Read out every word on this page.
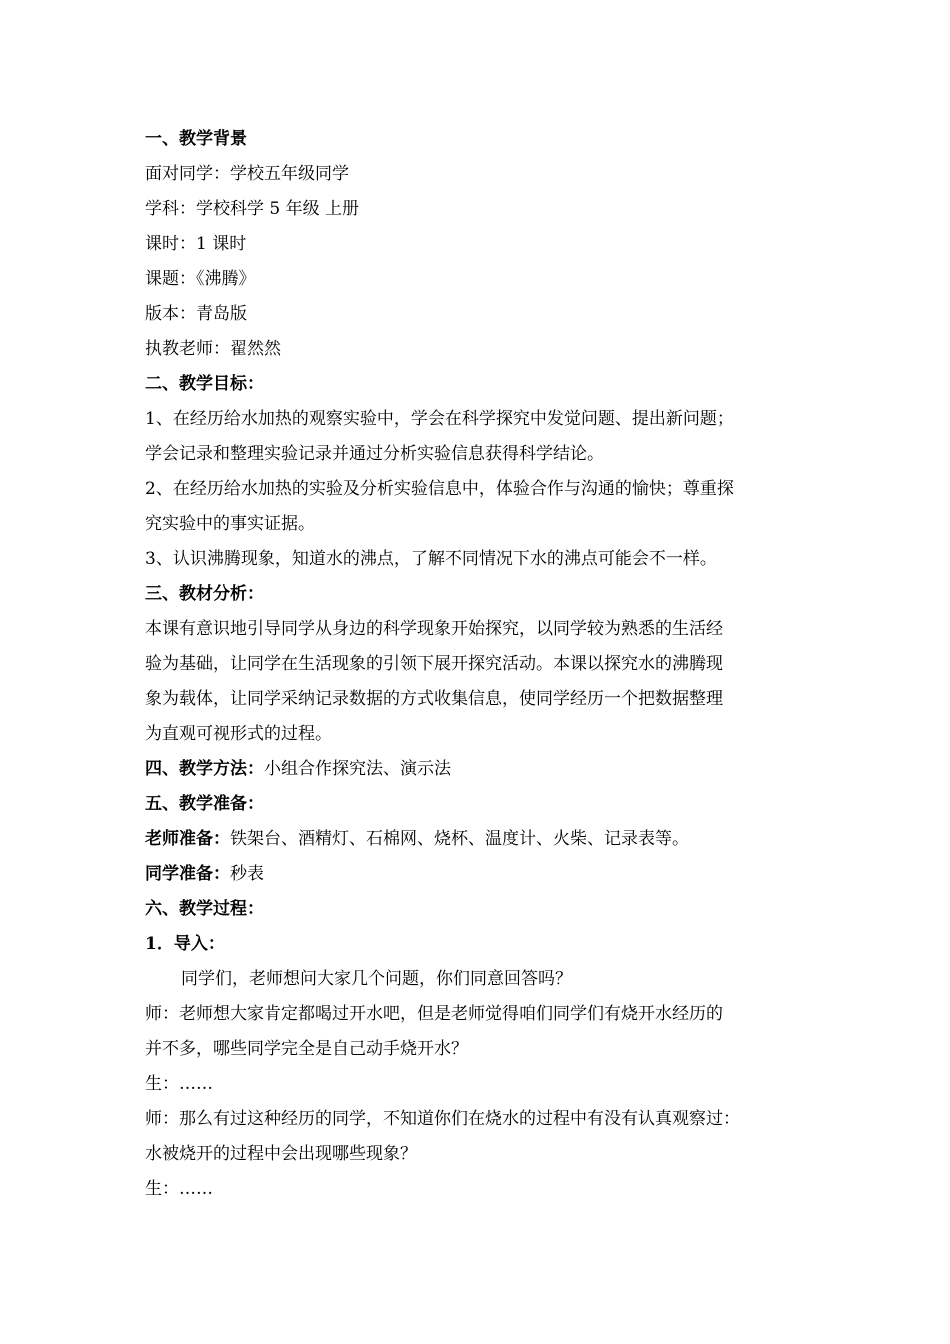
一、教学背景
面对同学：学校五年级同学
学科：学校科学 5 年级 上册
课时：1 课时
课题：《沸腾》
版本：青岛版
执教老师：翟然然
二、教学目标：
1、在经历给水加热的观察实验中，学会在科学探究中发觉问题、提出新问题；
学会记录和整理实验记录并通过分析实验信息获得科学结论。
2、在经历给水加热的实验及分析实验信息中，体验合作与沟通的愉快；尊重探
究实验中的事实证据。
3、认识沸腾现象，知道水的沸点，了解不同情况下水的沸点可能会不一样。
三、教材分析：
本课有意识地引导同学从身边的科学现象开始探究，以同学较为熟悉的生活经
验为基础，让同学在生活现象的引领下展开探究活动。本课以探究水的沸腾现
象为载体，让同学采纳记录数据的方式收集信息，使同学经历一个把数据整理
为直观可视形式的过程。
四、教学方法：小组合作探究法、演示法
五、教学准备：
老师准备：铁架台、酒精灯、石棉网、烧杯、温度计、火柴、记录表等。
同学准备：秒表
六、教学过程：
1．导入：
同学们，老师想问大家几个问题，你们同意回答吗？
师：老师想大家肯定都喝过开水吧，但是老师觉得咱们同学们有烧开水经历的
并不多，哪些同学完全是自己动手烧开水？
生：……
师：那么有过这种经历的同学，不知道你们在烧水的过程中有没有认真观察过：
水被烧开的过程中会出现哪些现象？
生：……
